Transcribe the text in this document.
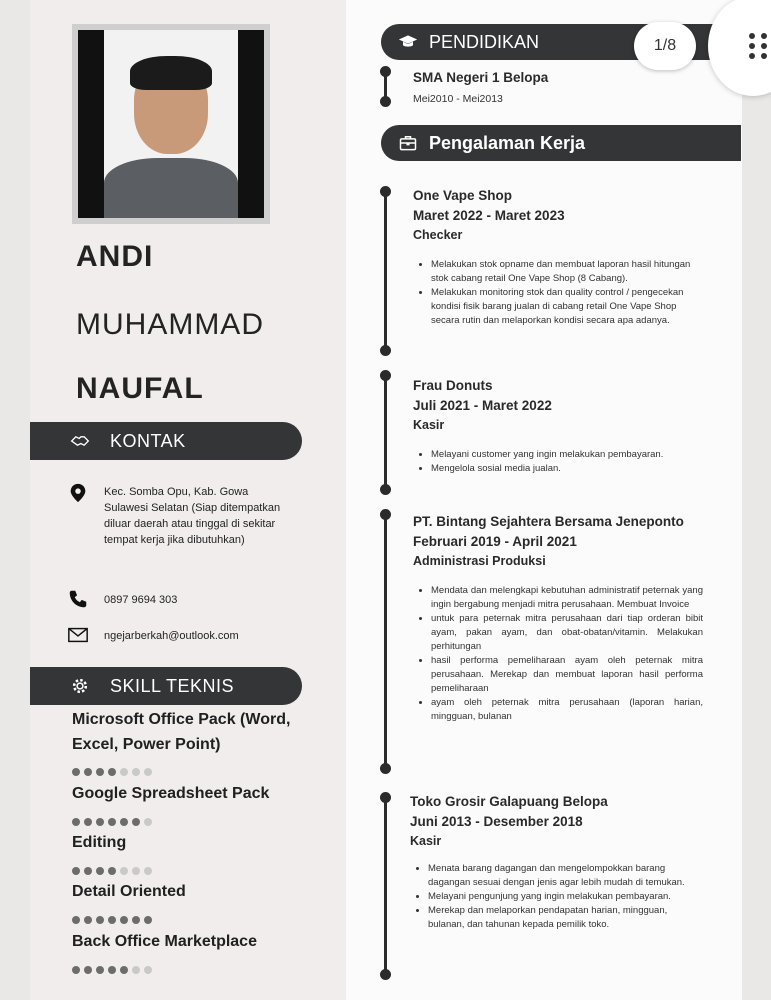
ANDI
MUHAMMAD
NAUFAL
KONTAK
Kec. Somba Opu, Kab. Gowa Sulawesi Selatan (Siap ditempatkan diluar daerah atau tinggal di sekitar tempat kerja jika dibutuhkan)
0897 9694 303
ngejarberkah@outlook.com
SKILL TEKNIS
Microsoft Office Pack (Word, Excel, Power Point)
Google Spreadsheet Pack
Editing
Detail Oriented
Back Office Marketplace
PENDIDIKAN
SMA Negeri 1 Belopa
Mei2010 - Mei2013
Pengalaman Kerja
One Vape Shop
Maret 2022 - Maret 2023
Checker
• Melakukan stok opname dan membuat laporan hasil hitungan stok cabang retail One Vape Shop (8 Cabang).
• Melakukan monitoring stok dan quality control / pengecekan kondisi fisik barang jualan di cabang retail One Vape Shop secara rutin dan melaporkan kondisi secara apa adanya.
Frau Donuts
Juli 2021 - Maret 2022
Kasir
• Melayani customer yang ingin melakukan pembayaran.
• Mengelola sosial media jualan.
PT. Bintang Sejahtera Bersama Jeneponto
Februari 2019 - April 2021
Administrasi Produksi
• Mendata dan melengkapi kebutuhan administratif peternak yang ingin bergabung menjadi mitra perusahaan. Membuat Invoice
• untuk para peternak mitra perusahaan dari tiap orderan bibit ayam, pakan ayam, dan obat-obatan/vitamin. Melakukan perhitungan
• hasil performa pemeliharaan ayam oleh peternak mitra perusahaan. Merekap dan membuat laporan hasil performa pemeliharaan
• ayam oleh peternak mitra perusahaan (laporan harian, mingguan, bulanan
Toko Grosir Galapuang Belopa
Juni 2013 - Desember 2018
Kasir
• Menata barang dagangan dan mengelompokkan barang dagangan sesuai dengan jenis agar lebih mudah di temukan.
• Melayani pengunjung yang ingin melakukan pembayaran.
• Merekap dan melaporkan pendapatan harian, mingguan, bulanan, dan tahunan kepada pemilik toko.
1/8
